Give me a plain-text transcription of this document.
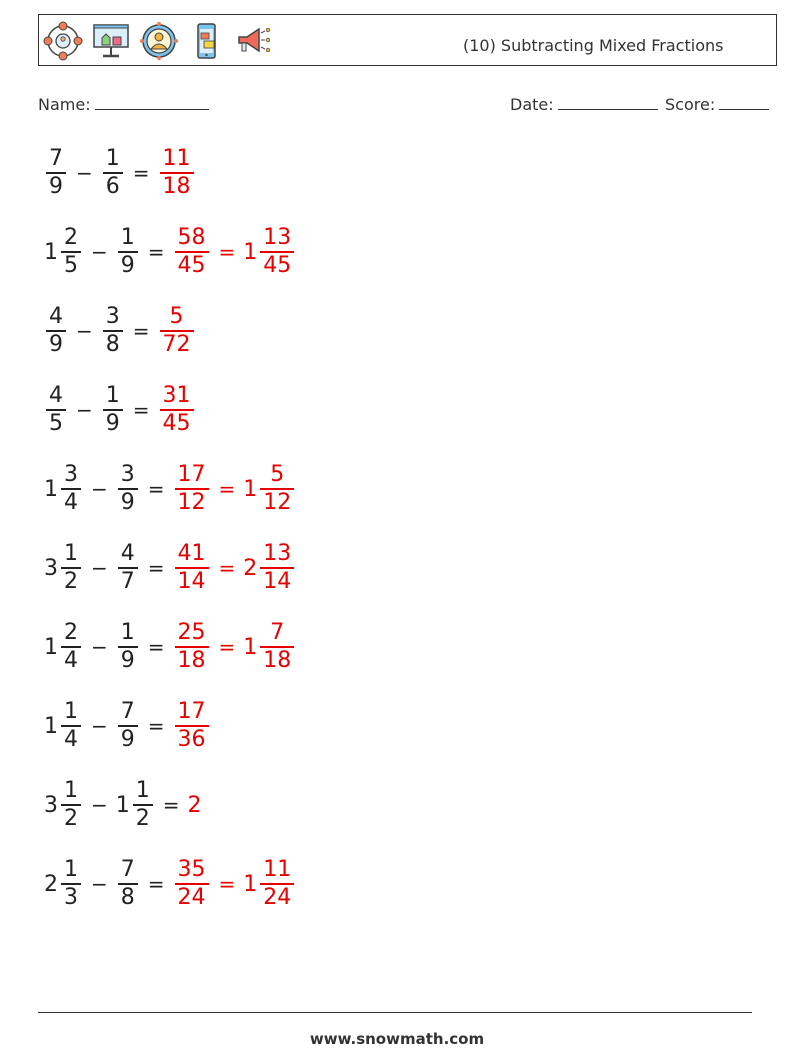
(10) Subtracting Mixed Fractions
Name:	Date:	Score:
$\frac{7}{9} - \frac{1}{6} = \frac{11}{18}$
$1 \frac{2}{5} - \frac{1}{9} = \frac{58}{45} = 1 \frac{13}{45}$
$\frac{4}{9} - \frac{3}{8} = \frac{5}{72}$
$\frac{4}{5} - \frac{1}{9} = \frac{31}{45}$
$1 \frac{3}{4} - \frac{3}{9} = \frac{17}{12} = 1 \frac{5}{12}$
$3 \frac{1}{2} - \frac{4}{7} = \frac{41}{14} = 2 \frac{13}{14}$
$1 \frac{2}{4} - \frac{1}{9} = \frac{25}{18} = 1 \frac{7}{18}$
$1 \frac{1}{4} - \frac{7}{9} = \frac{17}{36}$
$3 \frac{1}{2} - 1 \frac{1}{2} = 2$
$2 \frac{1}{3} - \frac{7}{8} = \frac{35}{24} = 1 \frac{11}{24}$
www.snowmath.com
